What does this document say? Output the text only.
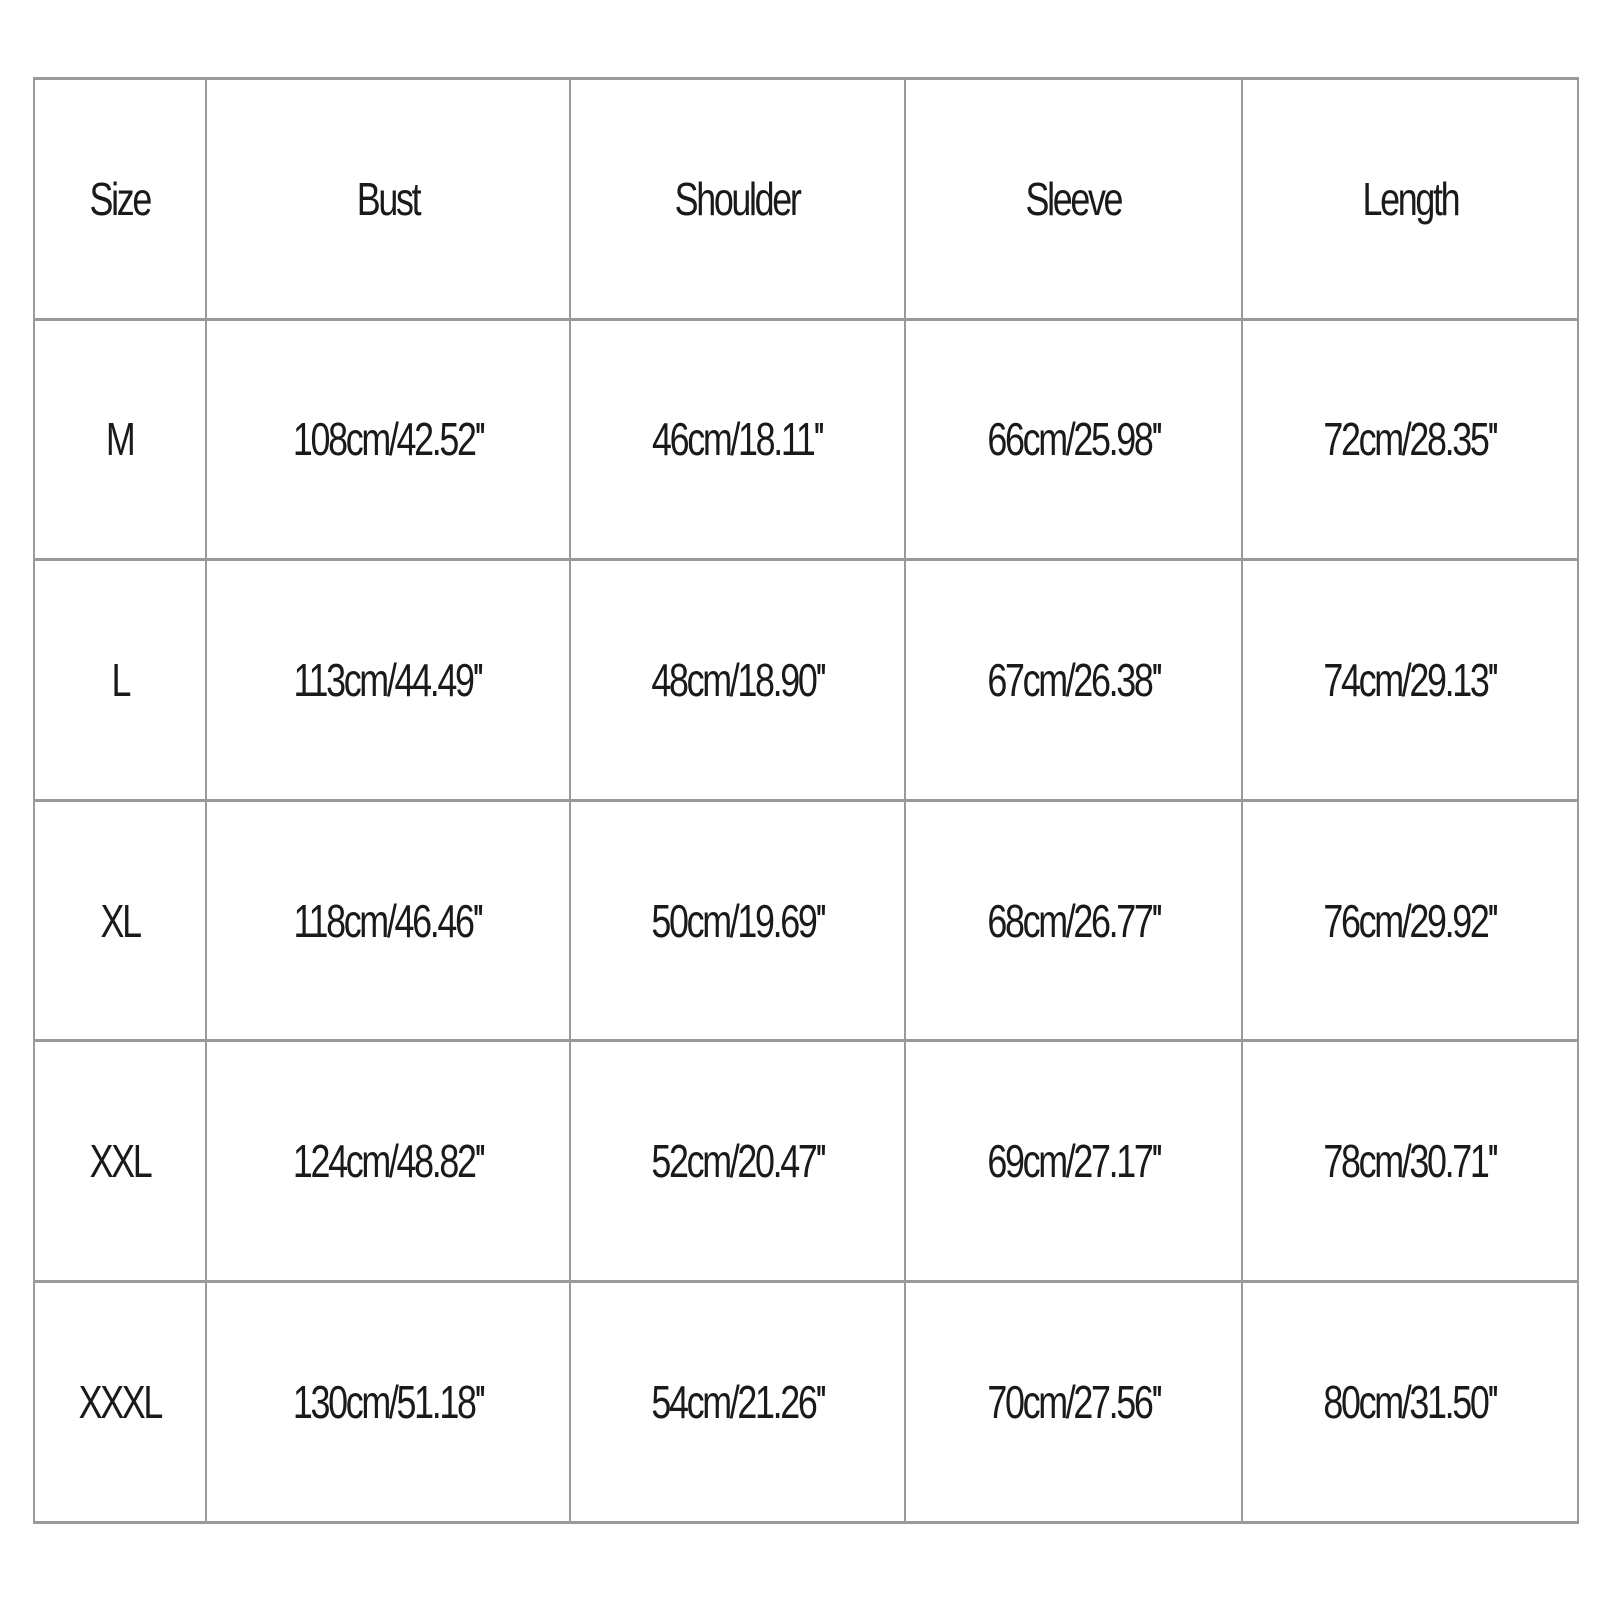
Size	Bust	Shoulder	Sleeve	Length
M	108cm/42.52''	46cm/18.11''	66cm/25.98''	72cm/28.35''
L	113cm/44.49''	48cm/18.90''	67cm/26.38''	74cm/29.13''
XL	118cm/46.46''	50cm/19.69''	68cm/26.77''	76cm/29.92''
XXL	124cm/48.82''	52cm/20.47''	69cm/27.17''	78cm/30.71''
XXXL	130cm/51.18''	54cm/21.26''	70cm/27.56''	80cm/31.50''
